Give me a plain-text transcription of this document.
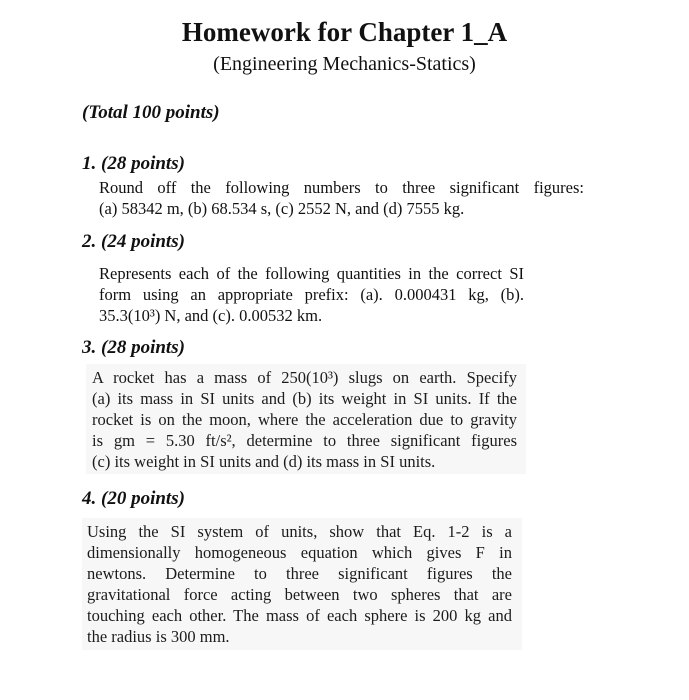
Homework for Chapter 1_A
(Engineering Mechanics-Statics)
(Total 100 points)
1. (28 points)
Round off the following numbers to three significant figures:
(a) 58342 m, (b) 68.534 s, (c) 2552 N, and (d) 7555 kg.
2. (24 points)
Represents each of the following quantities in the correct SI
form using an appropriate prefix: (a). 0.000431 kg, (b).
35.3(10³) N, and (c). 0.00532 km.
3. (28 points)
A rocket has a mass of 250(10³) slugs on earth. Specify
(a) its mass in SI units and (b) its weight in SI units. If the
rocket is on the moon, where the acceleration due to gravity
is gm = 5.30 ft/s², determine to three significant figures
(c) its weight in SI units and (d) its mass in SI units.
4. (20 points)
Using the SI system of units, show that Eq. 1-2 is a
dimensionally homogeneous equation which gives F in
newtons. Determine to three significant figures the
gravitational force acting between two spheres that are
touching each other. The mass of each sphere is 200 kg and
the radius is 300 mm.
